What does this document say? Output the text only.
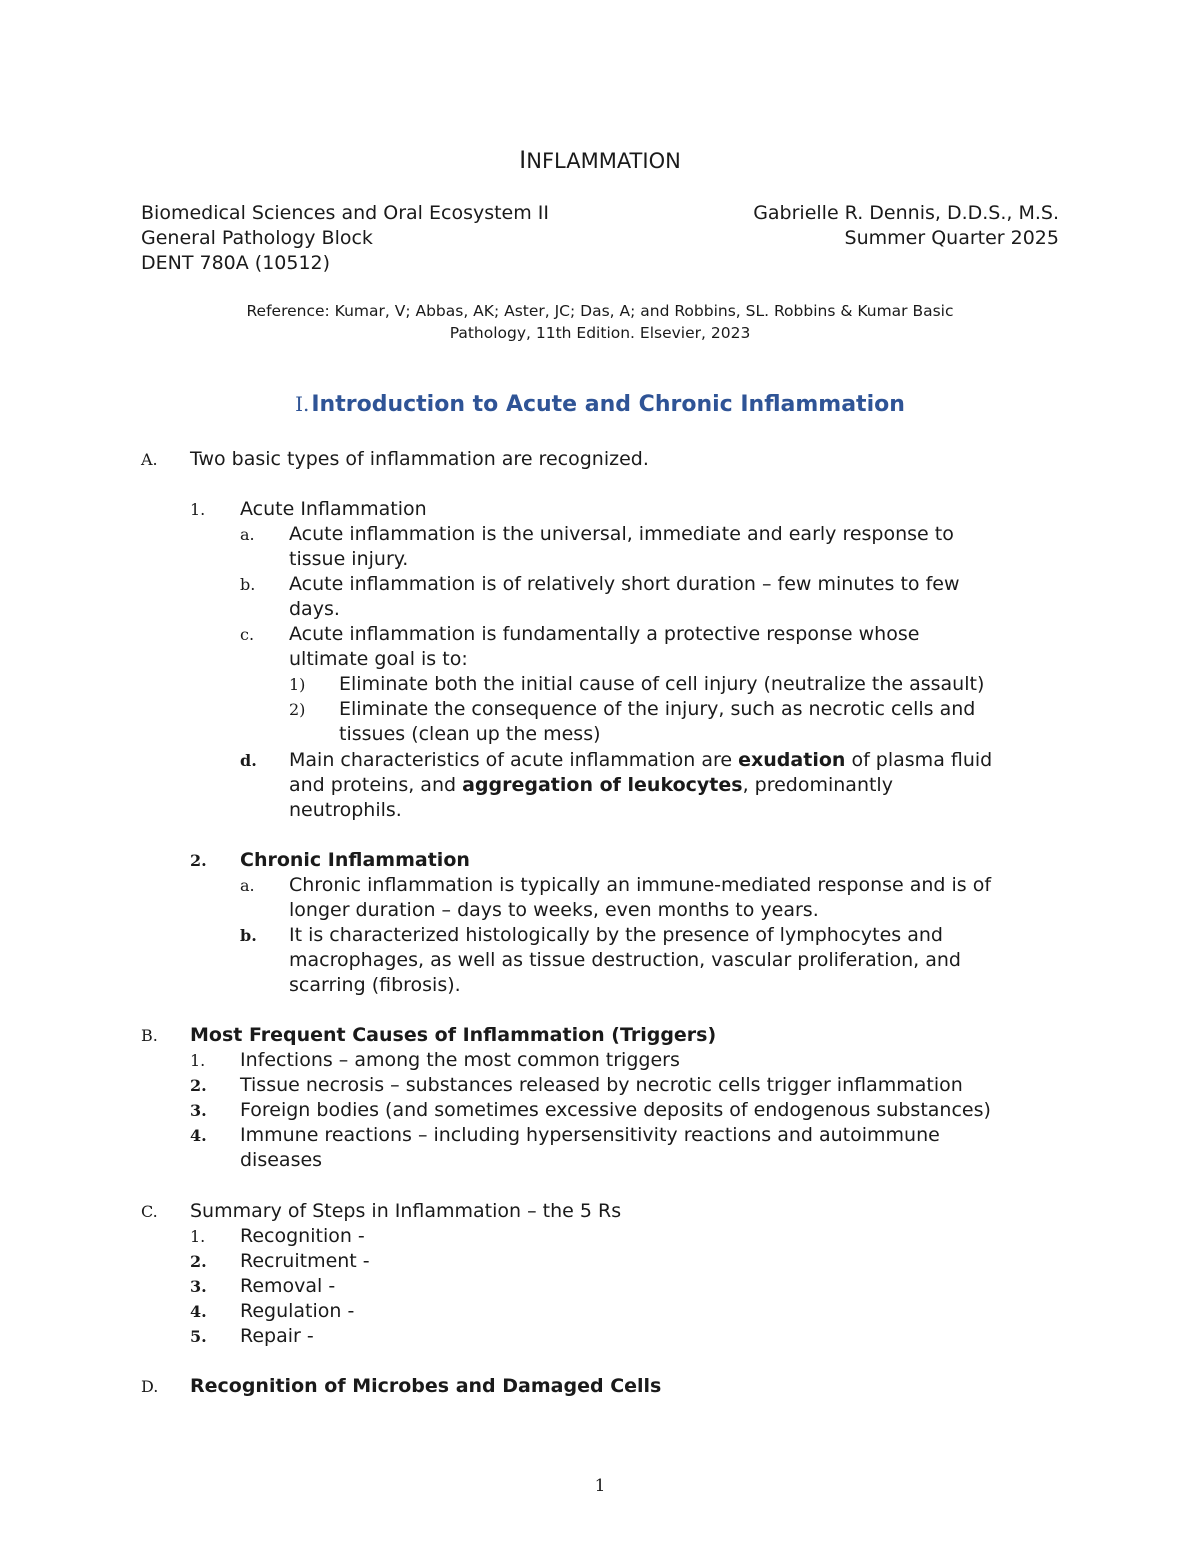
INFLAMMATION
Biomedical Sciences and Oral Ecosystem II
General Pathology Block
DENT 780A (10512)
Gabrielle R. Dennis, D.D.S., M.S.
Summer Quarter 2025
Reference: Kumar, V; Abbas, AK; Aster, JC; Das, A; and Robbins, SL. Robbins & Kumar Basic
Pathology, 11th Edition. Elsevier, 2023
I.Introduction to Acute and Chronic Inflammation
A. Two basic types of inflammation are recognized.
1. Acute Inflammation
a. Acute inflammation is the universal, immediate and early response to
tissue injury.
b. Acute inflammation is of relatively short duration – few minutes to few
days.
c. Acute inflammation is fundamentally a protective response whose
ultimate goal is to:
1) Eliminate both the initial cause of cell injury (neutralize the assault)
2) Eliminate the consequence of the injury, such as necrotic cells and
tissues (clean up the mess)
d. Main characteristics of acute inflammation are exudation of plasma fluid
and proteins, and aggregation of leukocytes, predominantly
neutrophils.
2. Chronic Inflammation
a. Chronic inflammation is typically an immune-mediated response and is of
longer duration – days to weeks, even months to years.
b. It is characterized histologically by the presence of lymphocytes and
macrophages, as well as tissue destruction, vascular proliferation, and
scarring (fibrosis).
B. Most Frequent Causes of Inflammation (Triggers)
1. Infections – among the most common triggers
2. Tissue necrosis – substances released by necrotic cells trigger inflammation
3. Foreign bodies (and sometimes excessive deposits of endogenous substances)
4. Immune reactions – including hypersensitivity reactions and autoimmune
diseases
C. Summary of Steps in Inflammation – the 5 Rs
1. Recognition -
2. Recruitment -
3. Removal -
4. Regulation -
5. Repair -
D. Recognition of Microbes and Damaged Cells
1
